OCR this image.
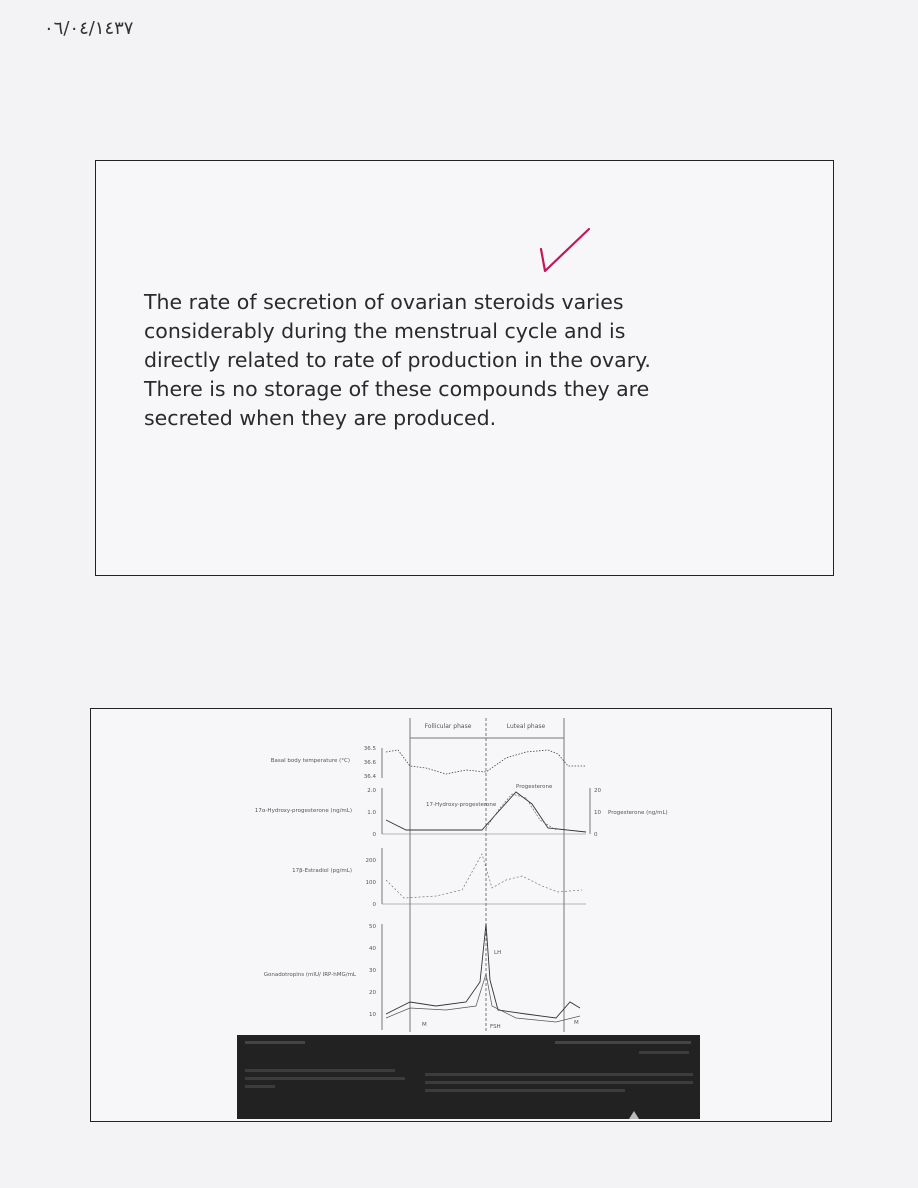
٠٦/٠٤/١٤٣٧
The rate of secretion of ovarian steroids varies
considerably during the menstrual cycle and is
directly related to rate of production in the ovary.
There is no storage of these compounds they are
secreted when they are produced.
Follicular phase	Luteal phase
Basal body temperature (°C)
36.5
36.6
36.4
17α-Hydroxy-progesterone (ng/mL)
2.0
1.0
0
Progesterone
17-Hydroxy-progesterone
20
10
0
Progesterone (ng/mL)
17β-Estradiol (pg/mL)
200
100
0
Gonadotropins (mIU/ IRP-hMG/mL
50
40
30
20
10
LH
FSH
M	M
